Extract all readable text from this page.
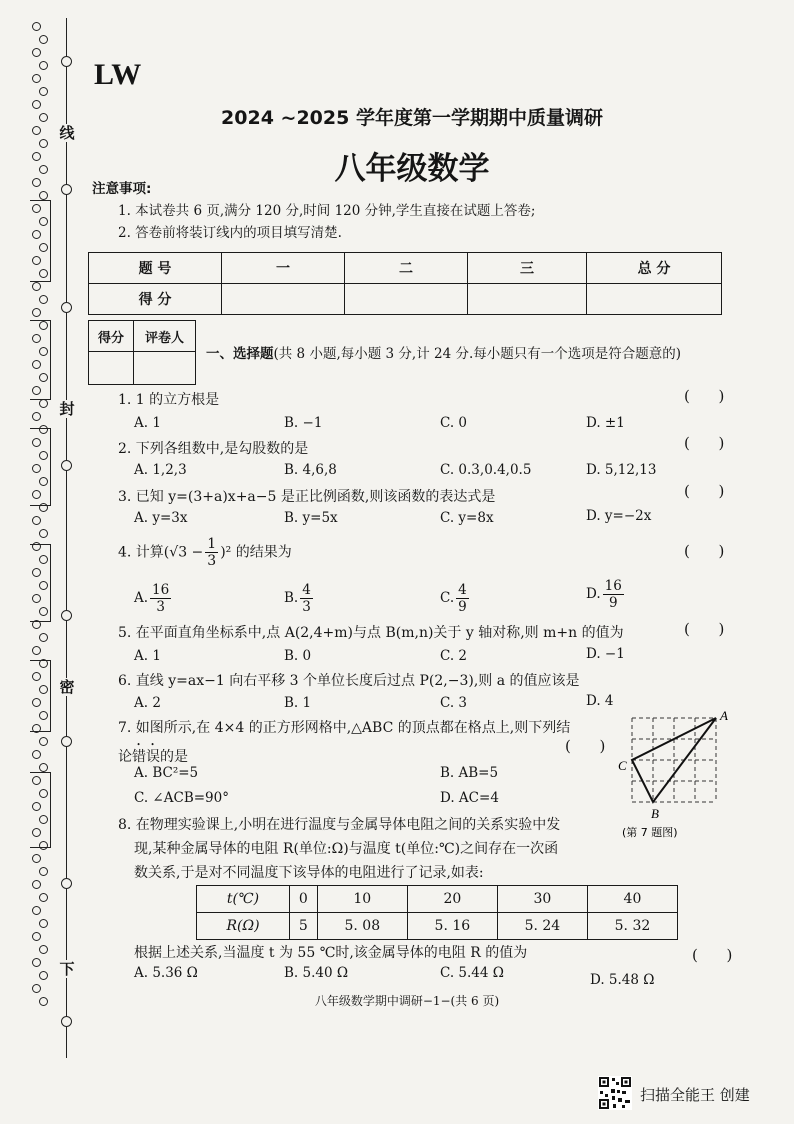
线
封
密
下
LW
2024 ~2025 学年度第一学期期中质量调研
八年级数学
注意事项:
1. 本试卷共 6 页,满分 120 分,时间 120 分钟,学生直接在试题上答卷;
2. 答卷前将装订线内的项目填写清楚.
题 号	一	二	三	总 分
得 分				
得分	评卷人

一、选择题(共 8 小题,每小题 3 分,计 24 分.每小题只有一个选项是符合题意的)
1. 1 的立方根是	(      )
A. 1	B. −1	C. 0	D. ±1
2. 下列各组数中,是勾股数的是	(      )
A. 1,2,3	B. 4,6,8	C. 0.3,0.4,0.5	D. 5,12,13
3. 已知 y=(3+a)x+a−5 是正比例函数,则该函数的表达式是	(      )
A. y=3x	B. y=5x	C. y=8x	D. y=−2x
4. 计算$(√3 - \frac{1}{3} )^2$ 的结果为	(      )
A. $\frac{16}{3}$	B. $\frac{4}{3}$	C. $\frac{4}{9}$	D. $\frac{16}{9}$
5. 在平面直角坐标系中,点 A(2,4+m)与点 B(m,n)关于 y 轴对称,则 m+n 的值为	(      )
A. 1	B. 0	C. 2	D. −1
6. 直线 y=ax−1 向右平移 3 个单位长度后过点 P(2,−3),则 a 的值应该是
A. 2	B. 1	C. 3	D. 4
7. 如图所示,在 4×4 的正方形网格中,△ABC 的顶点都在格点上,则下列结
论错误的是
(      )
A. BC²=5	B. AB=5
C. ∠ACB=90°	D. AC=4
A
C
B
(第 7 题图)
8. 在物理实验课上,小明在进行温度与金属导体电阻之间的关系实验中发
现,某种金属导体的电阻 R(单位:Ω)与温度 t(单位:℃)之间存在一次函
数关系,于是对不同温度下该导体的电阻进行了记录,如表:
t(℃)	0	10	20	30	40
R(Ω)	5	5. 08	5. 16	5. 24	5. 32
根据上述关系,当温度 t 为 55 ℃时,该金属导体的电阻 R 的值为	(      )
A. 5.36 Ω	B. 5.40 Ω	C. 5.44 Ω	D. 5.48 Ω
八年级数学期中调研−1−(共 6 页)
扫描全能王 创建
